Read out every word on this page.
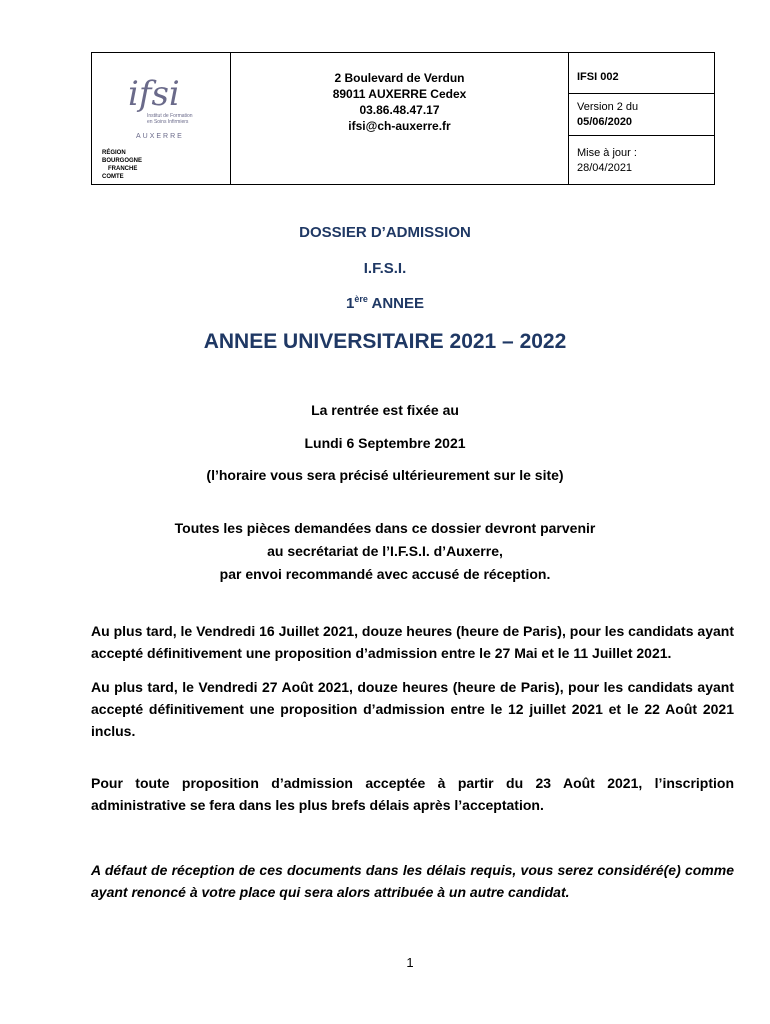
ifsi
Institut de Formation
en Soins Infirmiers
AUXERRE
RÉGION
BOURGOGNE
FRANCHE
COMTE
2 Boulevard de Verdun
89011 AUXERRE Cedex
03.86.48.47.17
ifsi@ch-auxerre.fr
IFSI 002
Version 2 du
05/06/2020
Mise à jour :
28/04/2021
DOSSIER D’ADMISSION
I.F.S.I.
1ère ANNEE
ANNEE UNIVERSITAIRE 2021 – 2022
La rentrée est fixée au
Lundi 6 Septembre 2021
(l’horaire vous sera précisé ultérieurement sur le site)
Toutes les pièces demandées dans ce dossier devront parvenir
au secrétariat de l’I.F.S.I. d’Auxerre,
par envoi recommandé avec accusé de réception.
Au plus tard, le Vendredi 16 Juillet 2021, douze heures (heure de Paris), pour les candidats ayant accepté définitivement une proposition d’admission entre le 27 Mai et le 11 Juillet 2021.
Au plus tard, le Vendredi 27 Août 2021, douze heures (heure de Paris), pour les candidats ayant accepté définitivement une proposition d’admission entre le 12 juillet 2021 et le 22 Août 2021 inclus.
Pour toute proposition d’admission acceptée à partir du 23 Août 2021, l’inscription administrative se fera dans les plus brefs délais après l’acceptation.
A défaut de réception de ces documents dans les délais requis, vous serez considéré(e) comme ayant renoncé à votre place qui sera alors attribuée à un autre candidat.
1
